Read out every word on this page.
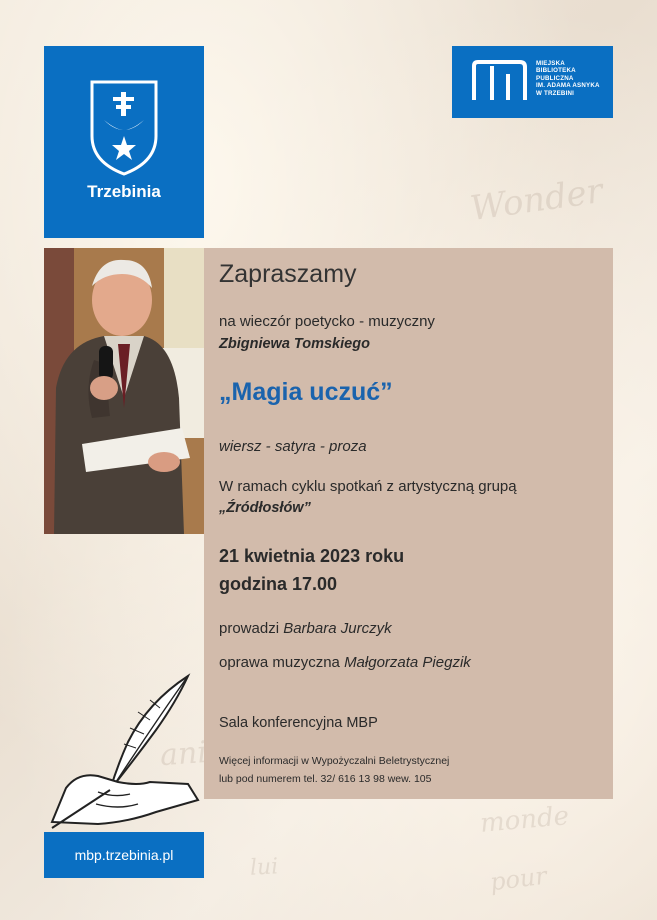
Wonder
monde
pour
lui
Trzebinia
MIEJSKA
BIBLIOTEKA
PUBLICZNA
IM. ADAMA ASNYKA
W TRZEBINI
Zapraszamy
na wieczór poetycko - muzyczny
Zbigniewa Tomskiego
„Magia uczuć”
wiersz - satyra - proza
W ramach cyklu spotkań z artystyczną grupą
„Źródłosłów”
21 kwietnia 2023 roku
godzina 17.00
prowadzi Barbara Jurczyk
oprawa muzyczna Małgorzata Piegzik
Sala konferencyjna MBP
Więcej informacji w Wypożyczalni Beletrystycznej
lub pod numerem tel. 32/ 616 13 98 wew. 105
mbp.trzebinia.pl
